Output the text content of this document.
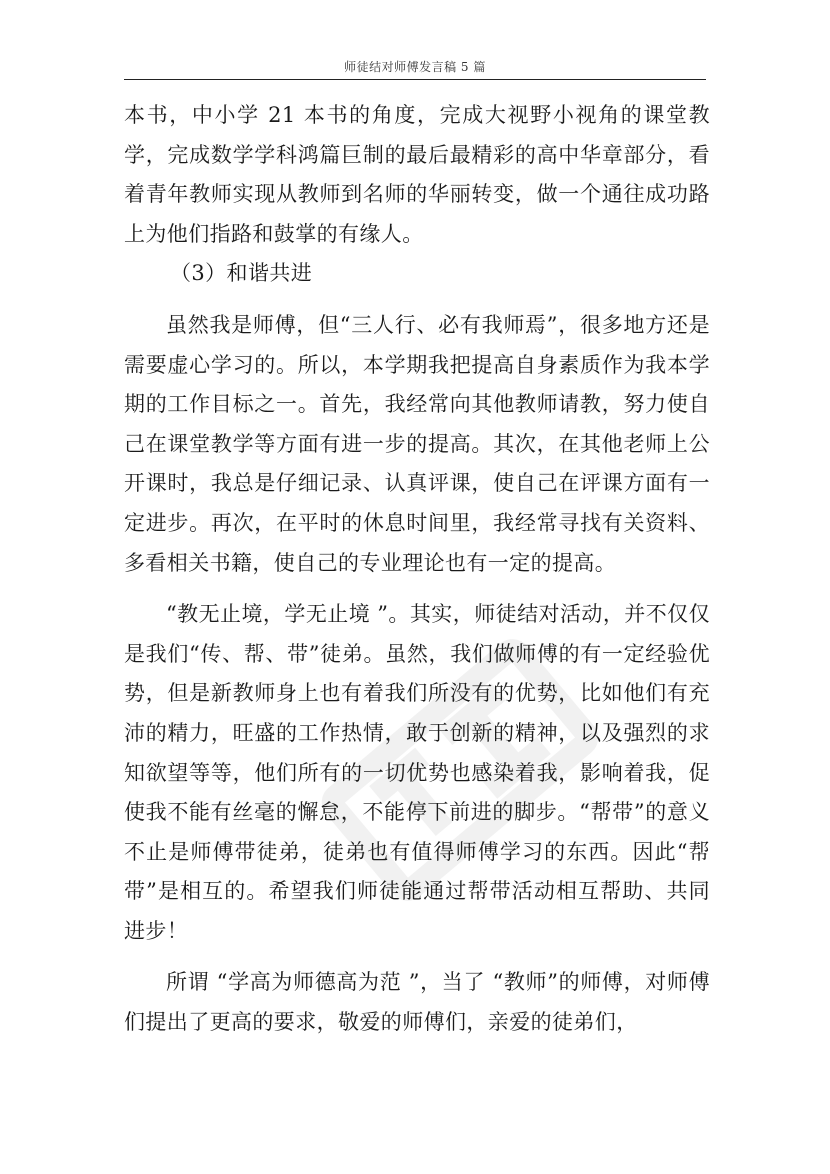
师徒结对师傅发言稿 5 篇

本书，中小学 21 本书的角度，完成大视野小视角的课堂教学，完成数学学科鸿篇巨制的最后最精彩的高中华章部分，看着青年教师实现从教师到名师的华丽转变，做一个通往成功路上为他们指路和鼓掌的有缘人。

（3）和谐共进

虽然我是师傅，但“三人行、必有我师焉”，很多地方还是需要虚心学习的。所以，本学期我把提高自身素质作为我本学期的工作目标之一。首先，我经常向其他教师请教，努力使自己在课堂教学等方面有进一步的提高。其次，在其他老师上公开课时，我总是仔细记录、认真评课，使自己在评课方面有一定进步。再次，在平时的休息时间里，我经常寻找有关资料、多看相关书籍，使自己的专业理论也有一定的提高。

“教无止境，学无止境 ”。其实，师徒结对活动，并不仅仅是我们“传、帮、带”徒弟。虽然，我们做师傅的有一定经验优势，但是新教师身上也有着我们所没有的优势，比如他们有充沛的精力，旺盛的工作热情，敢于创新的精神，以及强烈的求知欲望等等，他们所有的一切优势也感染着我，影响着我，促使我不能有丝毫的懈怠，不能停下前进的脚步。“帮带”的意义不止是师傅带徒弟，徒弟也有值得师傅学习的东西。因此“帮带”是相互的。希望我们师徒能通过帮带活动相互帮助、共同进步！

所谓 “学高为师德高为范 ”，当了 “教师”的师傅，对师傅们提出了更高的要求，敬爱的师傅们，亲爱的徒弟们，
